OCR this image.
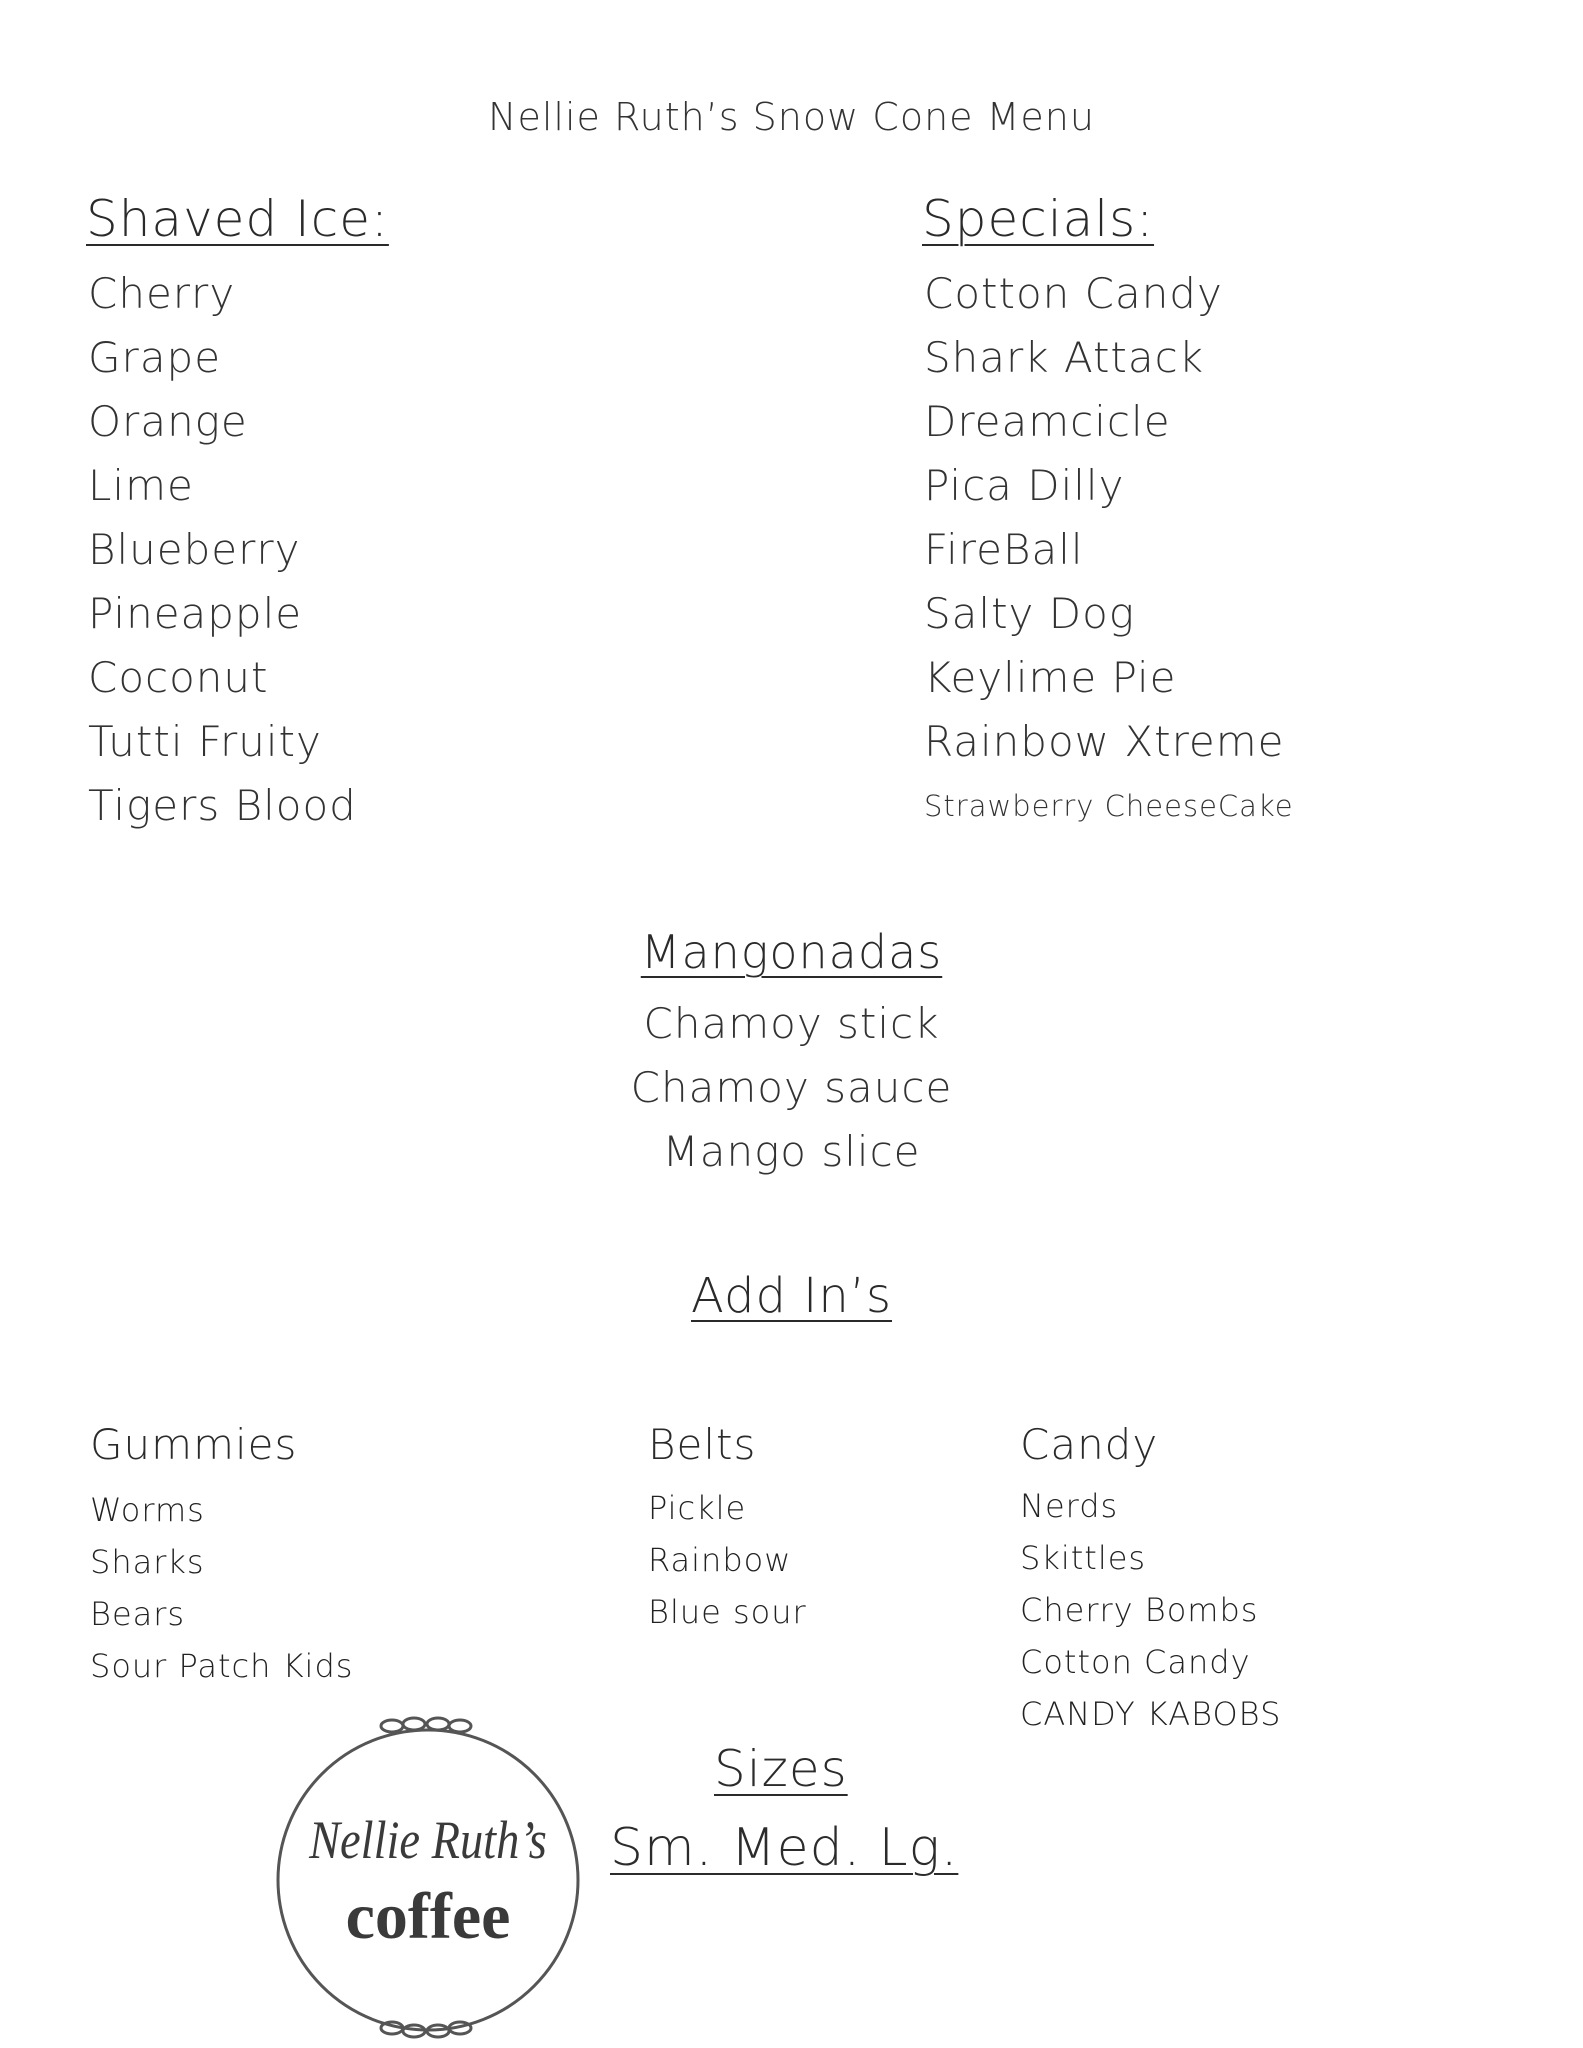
Nellie Ruth’s Snow Cone Menu
Shaved Ice:
Cherry
Grape
Orange
Lime
Blueberry
Pineapple
Coconut
Tutti Fruity
Tigers Blood
Specials:
Cotton Candy
Shark Attack
Dreamcicle
Pica Dilly
FireBall
Salty Dog
Keylime Pie
Rainbow Xtreme
Strawberry CheeseCake
Mangonadas
Chamoy stick
Chamoy sauce
Mango slice
Add In’s
Gummies
Worms
Sharks
Bears
Sour Patch Kids
Belts
Pickle
Rainbow
Blue sour
Candy
Nerds
Skittles
Cherry Bombs
Cotton Candy
CANDY KABOBS
Sizes
Sm. Med. Lg.
Nellie Ruth’s
coffee
